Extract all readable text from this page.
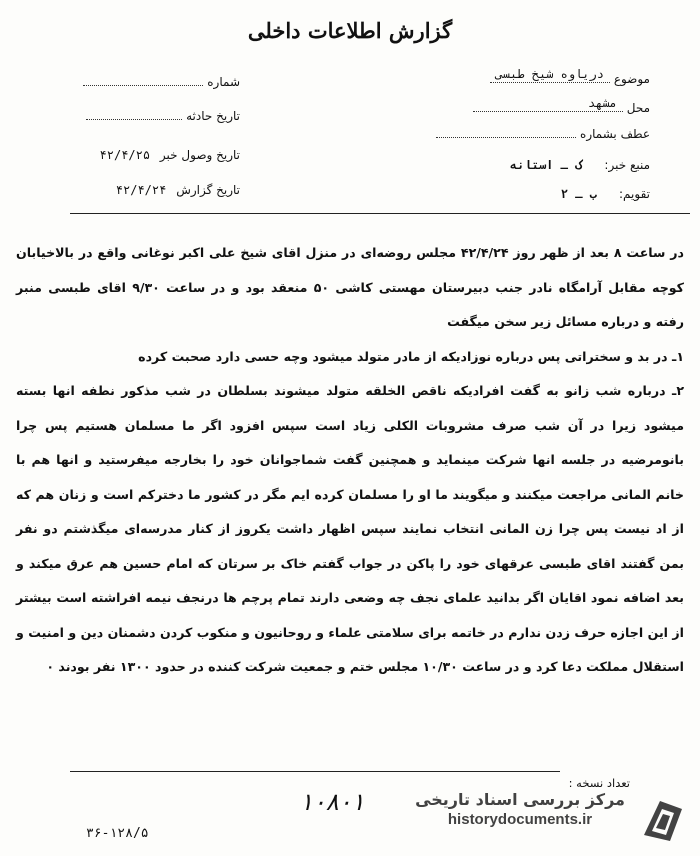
گزارش اطلاعات داخلی
موضوع
دریاوه شیخ طبسی
محل
مشهد
عطف بشماره
منبع خبر: ک ـ استانه
تقویم: ب ـ ۲
شماره
تاریخ حادثه
تاریخ وصول خبر ۴۲/۴/۲۵
تاریخ گزارش ۴۲/۴/۲۴

در ساعت ۸ بعد از ظهر روز ۴۲/۴/۲۴ مجلس روضه‌ای در منزل اقای شیخ علی اکبر نوغانی واقع در بالاخیابان کوچه مقابل آرامگاه نادر جنب دبیرستان مهستی کاشی ۵۰ منعقد بود و در ساعت ۹/۳۰ اقای طبسی منبر رفته و درباره مسائل زیر سخن میگفت

۱ـ در بد و سختراتی پس درباره نوزادیکه از مادر متولد میشود وچه حسی دارد صحبت کرده

۲ـ درباره شب زانو به گفت افرادیکه ناقص الخلقه متولد میشوند بسلطان در شب مذکور نطفه انها بسته میشود زیرا در آن شب صرف مشروبات الکلی زیاد است سپس افزود اگر ما مسلمان هستیم پس چرا بانومرضیه در جلسه انها شرکت مینماید و همچنین گفت شماجوانان خود را بخارجه میفرستید و انها هم با خانم المانی مراجعت میکنند و میگویند ما او را مسلمان کرده ایم مگر در کشور ما دخترکم است و زنان هم که از اد نیست پس چرا زن المانی انتخاب نمایند سپس اظهار داشت یکروز از کنار مدرسه‌ای میگذشتم دو نفر بمن گفتند اقای طبسی عرقهای خود را پاکن در جواب گفتم خاک بر سرتان که امام حسین هم عرق میکند و بعد اضافه نمود اقایان اگر بدانید علمای نجف چه وضعی دارند تمام پرچم ها درنجف نیمه افراشته است بیشتر از این اجازه حرف زدن ندارم در خاتمه برای سلامتی علماء و روحانیون و منکوب کردن دشمنان دین و امنیت و استقلال مملکت دعا کرد و در ساعت ۱۰/۳۰ مجلس ختم و جمعیت شرکت کننده در حدود ۱۳۰۰ نفر بودند ۰

تعداد نسخه :
۱۰۸۰۱
۳۶-۱۲۸/۵
مرکز بررسی اسناد تاریخی
historydocuments.ir
